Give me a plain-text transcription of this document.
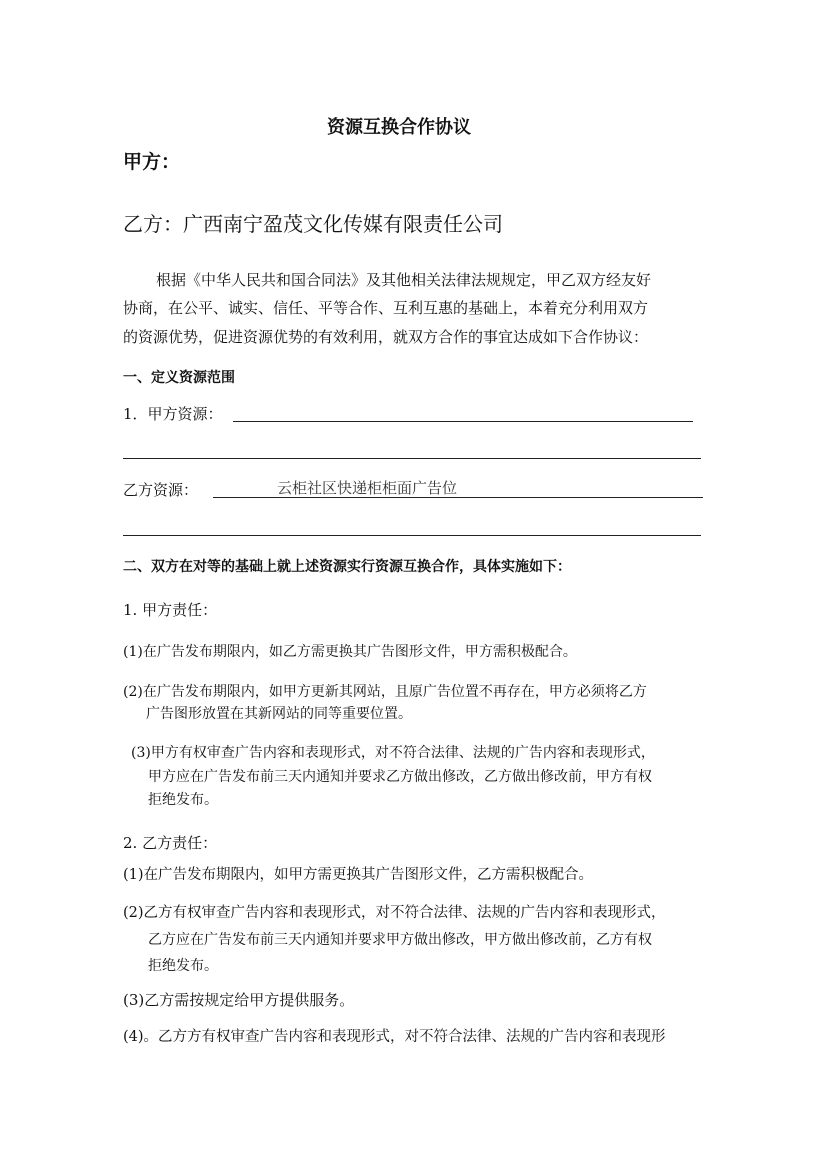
资源互换合作协议
甲方：
乙方：广西南宁盈茂文化传媒有限责任公司
根据《中华人民共和国合同法》及其他相关法律法规规定，甲乙双方经友好
协商，在公平、诚实、信任、平等合作、互利互惠的基础上，本着充分利用双方
的资源优势，促进资源优势的有效利用，就双方合作的事宜达成如下合作协议：
一、定义资源范围
1．甲方资源：
乙方资源：	云柜社区快递柜柜面广告位
二、双方在对等的基础上就上述资源实行资源互换合作，具体实施如下：
1. 甲方责任：
(1)在广告发布期限内，如乙方需更换其广告图形文件，甲方需积极配合。
(2)在广告发布期限内，如甲方更新其网站，且原广告位置不再存在，甲方必须将乙方
广告图形放置在其新网站的同等重要位置。
(3)甲方有权审查广告内容和表现形式，对不符合法律、法规的广告内容和表现形式，
甲方应在广告发布前三天内通知并要求乙方做出修改，乙方做出修改前，甲方有权
拒绝发布。
2. 乙方责任：
(1)在广告发布期限内，如甲方需更换其广告图形文件，乙方需积极配合。
(2)乙方有权审查广告内容和表现形式，对不符合法律、法规的广告内容和表现形式，
乙方应在广告发布前三天内通知并要求甲方做出修改，甲方做出修改前，乙方有权
拒绝发布。
(3)乙方需按规定给甲方提供服务。
(4)。乙方方有权审查广告内容和表现形式，对不符合法律、法规的广告内容和表现形
